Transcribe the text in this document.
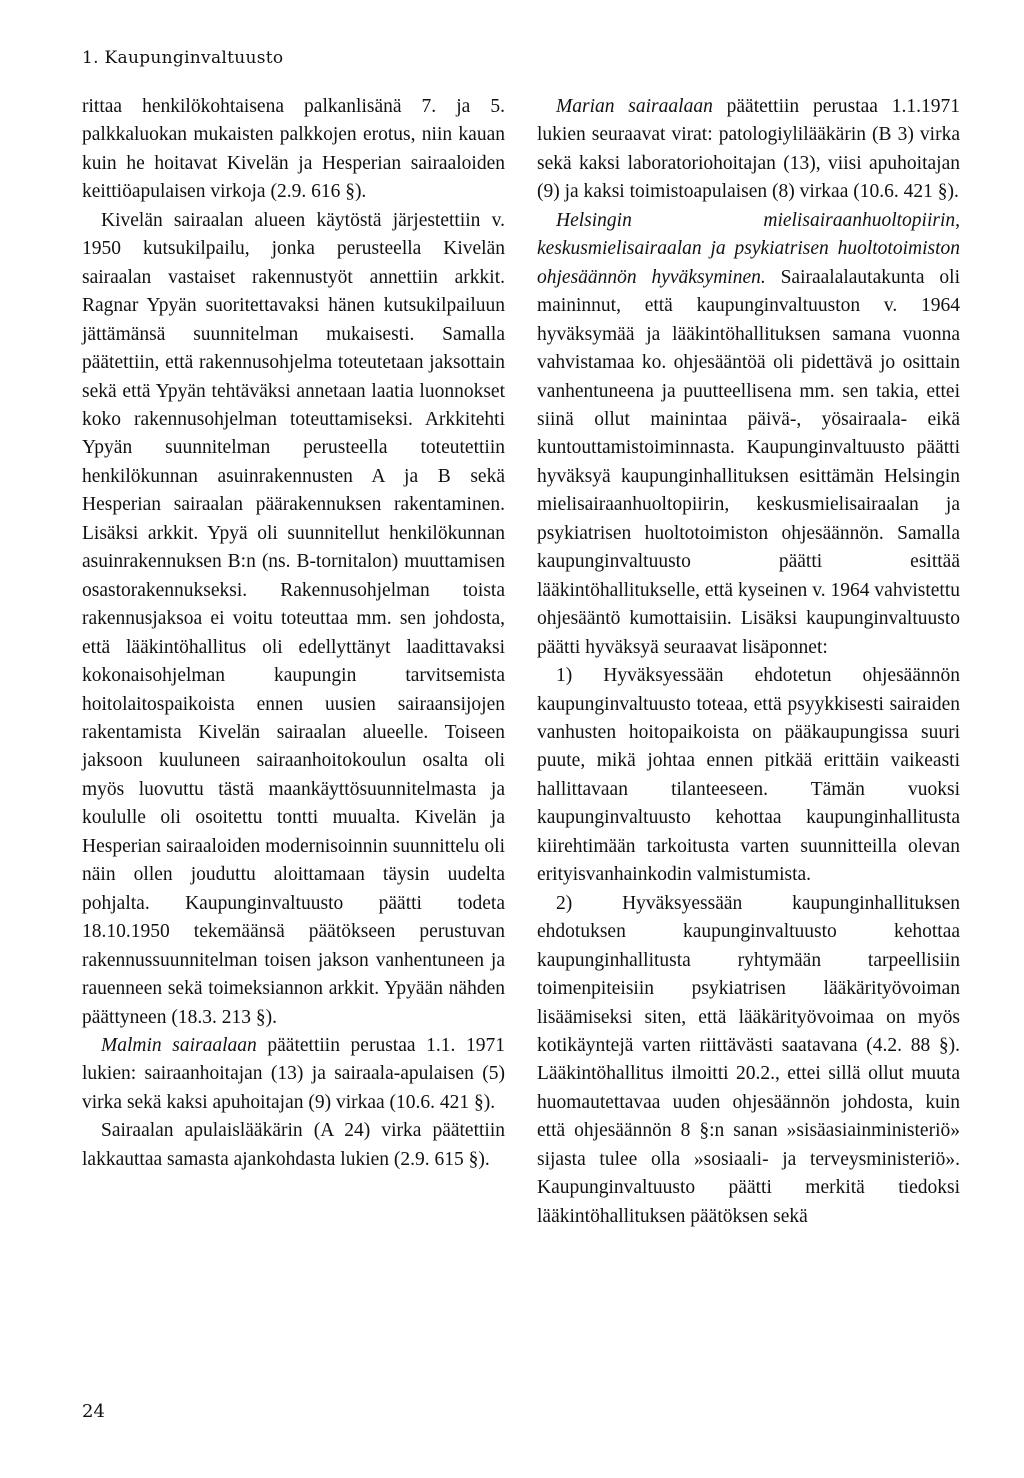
1. Kaupunginvaltuusto

rittaa henkilökohtaisena palkanlisänä 7. ja 5. palkkaluokan mukaisten palkkojen erotus, niin kauan kuin he hoitavat Kivelän ja Hesperian sairaaloiden keittiöapulaisen virkoja (2.9. 616 §).

Kivelän sairaalan alueen käytöstä järjestettiin v. 1950 kutsukilpailu, jonka perusteella Kivelän sairaalan vastaiset rakennustyöt annettiin arkkit. Ragnar Ypyän suoritettavaksi hänen kutsukilpailuun jättämänsä suunnitelman mukaisesti. Samalla päätettiin, että rakennusohjelma toteutetaan jaksottain sekä että Ypyän tehtäväksi annetaan laatia luonnokset koko rakennusohjelman toteuttamiseksi. Arkkitehti Ypyän suunnitelman perusteella toteutettiin henkilökunnan asuinrakennusten A ja B sekä Hesperian sairaalan päärakennuksen rakentaminen. Lisäksi arkkit. Ypyä oli suunnitellut henkilökunnan asuinrakennuksen B:n (ns. B-tornitalon) muuttamisen osastorakennukseksi. Rakennusohjelman toista rakennusjaksoa ei voitu toteuttaa mm. sen johdosta, että lääkintöhallitus oli edellyttänyt laadittavaksi kokonaisohjelman kaupungin tarvitsemista hoitolaitospaikoista ennen uusien sairaansijojen rakentamista Kivelän sairaalan alueelle. Toiseen jaksoon kuuluneen sairaanhoitokoulun osalta oli myös luovuttu tästä maankäyttösuunnitelmasta ja koululle oli osoitettu tontti muualta. Kivelän ja Hesperian sairaaloiden modernisoinnin suunnittelu oli näin ollen jouduttu aloittamaan täysin uudelta pohjalta. Kaupunginvaltuusto päätti todeta 18.10.1950 tekemäänsä päätökseen perustuvan rakennussuunnitelman toisen jakson vanhentuneen ja rauenneen sekä toimeksiannon arkkit. Ypyään nähden päättyneen (18.3. 213 §).

Malmin sairaalaan päätettiin perustaa 1.1. 1971 lukien: sairaanhoitajan (13) ja sairaala-apulaisen (5) virka sekä kaksi apuhoitajan (9) virkaa (10.6. 421 §).

Sairaalan apulaislääkärin (A 24) virka päätettiin lakkauttaa samasta ajankohdasta lukien (2.9. 615 §).

Marian sairaalaan päätettiin perustaa 1.1.1971 lukien seuraavat virat: patologiylilääkärin (B 3) virka sekä kaksi laboratoriohoitajan (13), viisi apuhoitajan (9) ja kaksi toimistoapulaisen (8) virkaa (10.6. 421 §).

Helsingin mielisairaanhuoltopiirin, keskusmielisairaalan ja psykiatrisen huoltotoimiston ohjesäännön hyväksyminen. Sairaalalautakunta oli maininnut, että kaupunginvaltuuston v. 1964 hyväksymää ja lääkintöhallituksen samana vuonna vahvistamaa ko. ohjesääntöä oli pidettävä jo osittain vanhentuneena ja puutteellisena mm. sen takia, ettei siinä ollut mainintaa päivä-, yösairaala- eikä kuntouttamistoiminnasta. Kaupunginvaltuusto päätti hyväksyä kaupunginhallituksen esittämän Helsingin mielisairaanhuoltopiirin, keskusmielisairaalan ja psykiatrisen huoltotoimiston ohjesäännön. Samalla kaupunginvaltuusto päätti esittää lääkintöhallitukselle, että kyseinen v. 1964 vahvistettu ohjesääntö kumottaisiin. Lisäksi kaupunginvaltuusto päätti hyväksyä seuraavat lisäponnet:

1) Hyväksyessään ehdotetun ohjesäännön kaupunginvaltuusto toteaa, että psyykkisesti sairaiden vanhusten hoitopaikoista on pääkaupungissa suuri puute, mikä johtaa ennen pitkää erittäin vaikeasti hallittavaan tilanteeseen. Tämän vuoksi kaupunginvaltuusto kehottaa kaupunginhallitusta kiirehtimään tarkoitusta varten suunnitteilla olevan erityisvanhainkodin valmistumista.

2) Hyväksyessään kaupunginhallituksen ehdotuksen kaupunginvaltuusto kehottaa kaupunginhallitusta ryhtymään tarpeellisiin toimenpiteisiin psykiatrisen lääkärityövoiman lisäämiseksi siten, että lääkärityövoimaa on myös kotikäyntejä varten riittävästi saatavana (4.2. 88 §). Lääkintöhallitus ilmoitti 20.2., ettei sillä ollut muuta huomautettavaa uuden ohjesäännön johdosta, kuin että ohjesäännön 8 §:n sanan »sisäasiainministeriö» sijasta tulee olla »sosiaali- ja terveysministeriö». Kaupunginvaltuusto päätti merkitä tiedoksi lääkintöhallituksen päätöksen sekä

24
